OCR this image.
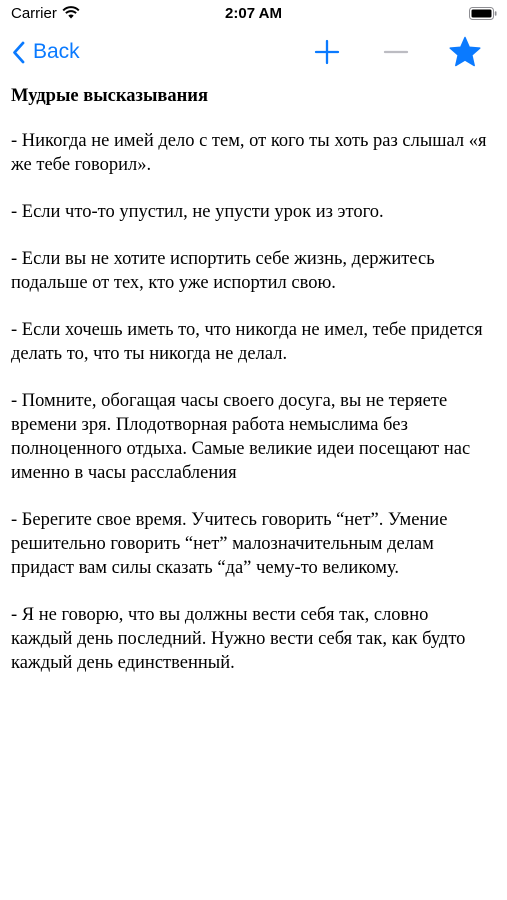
Carrier	2:07 AM
Back
Мудрые высказывания

- Никогда не имей дело с тем, от кого ты хоть раз слышал «я же тебе говорил».

- Если что-то упустил, не упусти урок из этого.

- Если вы не хотите испортить себе жизнь, держитесь подальше от тех, кто уже испортил свою.

- Если хочешь иметь то, что никогда не имел, тебе придется делать то, что ты никогда не делал.

- Помните, обогащая часы своего досуга, вы не теряете времени зря. Плодотворная работа немыслима без полноценного отдыха. Самые великие идеи посещают нас именно в часы расслабления

- Берегите свое время. Учитесь говорить “нет”. Умение решительно говорить “нет” малозначительным делам придаст вам силы сказать “да” чему-то великому.

- Я не говорю, что вы должны вести себя так, словно каждый день последний. Нужно вести себя так, как будто каждый день единственный.
